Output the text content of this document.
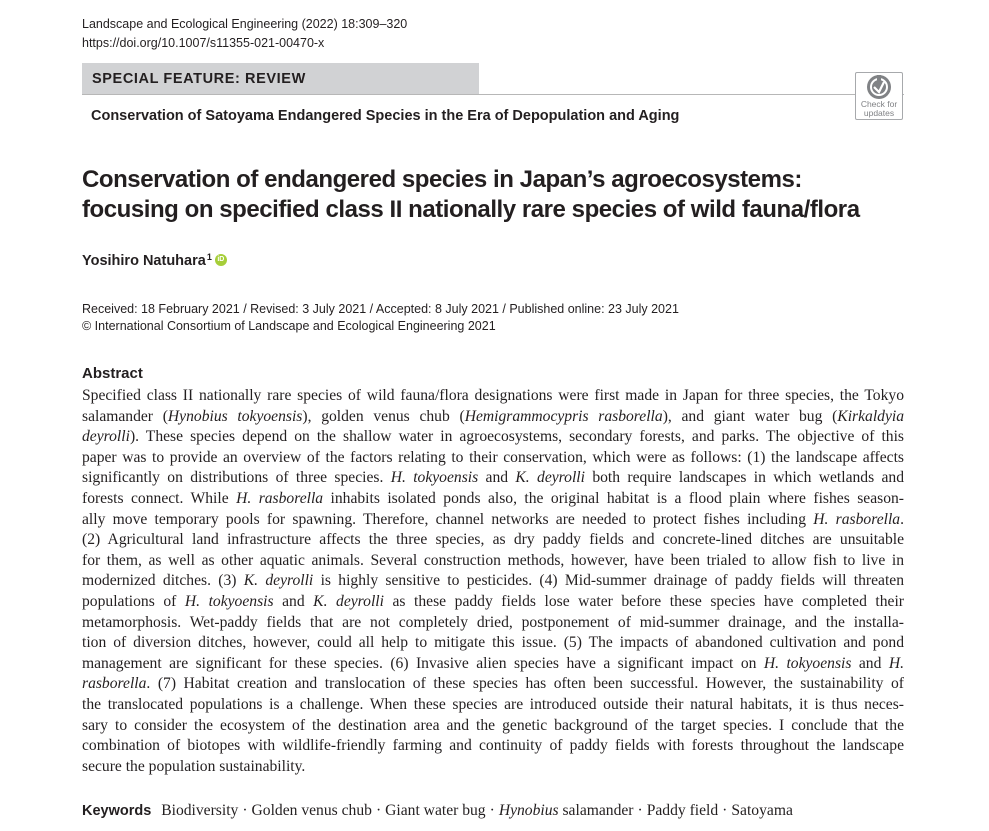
Landscape and Ecological Engineering (2022) 18:309–320
https://doi.org/10.1007/s11355-021-00470-x
SPECIAL FEATURE: REVIEW
Conservation of Satoyama Endangered Species in the Era of Depopulation and Aging
Check for
updates
Conservation of endangered species in Japan’s agroecosystems:
focusing on specified class II nationally rare species of wild fauna/flora
Yosihiro Natuhara$^1$ iD
Received: 18 February 2021 / Revised: 3 July 2021 / Accepted: 8 July 2021 / Published online: 23 July 2021
© International Consortium of Landscape and Ecological Engineering 2021
Abstract
Specified class II nationally rare species of wild fauna/flora designations were first made in Japan for three species, the Tokyo
salamander (Hynobius tokyoensis), golden venus chub (Hemigrammocypris rasborella), and giant water bug (Kirkaldyia
deyrolli). These species depend on the shallow water in agroecosystems, secondary forests, and parks. The objective of this
paper was to provide an overview of the factors relating to their conservation, which were as follows: (1) the landscape affects
significantly on distributions of three species. H. tokyoensis and K. deyrolli both require landscapes in which wetlands and
forests connect. While H. rasborella inhabits isolated ponds also, the original habitat is a flood plain where fishes season-
ally move temporary pools for spawning. Therefore, channel networks are needed to protect fishes including H. rasborella.
(2) Agricultural land infrastructure affects the three species, as dry paddy fields and concrete-lined ditches are unsuitable
for them, as well as other aquatic animals. Several construction methods, however, have been trialed to allow fish to live in
modernized ditches. (3) K. deyrolli is highly sensitive to pesticides. (4) Mid-summer drainage of paddy fields will threaten
populations of H. tokyoensis and K. deyrolli as these paddy fields lose water before these species have completed their
metamorphosis. Wet-paddy fields that are not completely dried, postponement of mid-summer drainage, and the installa-
tion of diversion ditches, however, could all help to mitigate this issue. (5) The impacts of abandoned cultivation and pond
management are significant for these species. (6) Invasive alien species have a significant impact on H. tokyoensis and H.
rasborella. (7) Habitat creation and translocation of these species has often been successful. However, the sustainability of
the translocated populations is a challenge. When these species are introduced outside their natural habitats, it is thus neces-
sary to consider the ecosystem of the destination area and the genetic background of the target species. I conclude that the
combination of biotopes with wildlife-friendly farming and continuity of paddy fields with forests throughout the landscape
secure the population sustainability.
Keywords Biodiversity · Golden venus chub · Giant water bug · Hynobius salamander · Paddy field · Satoyama
